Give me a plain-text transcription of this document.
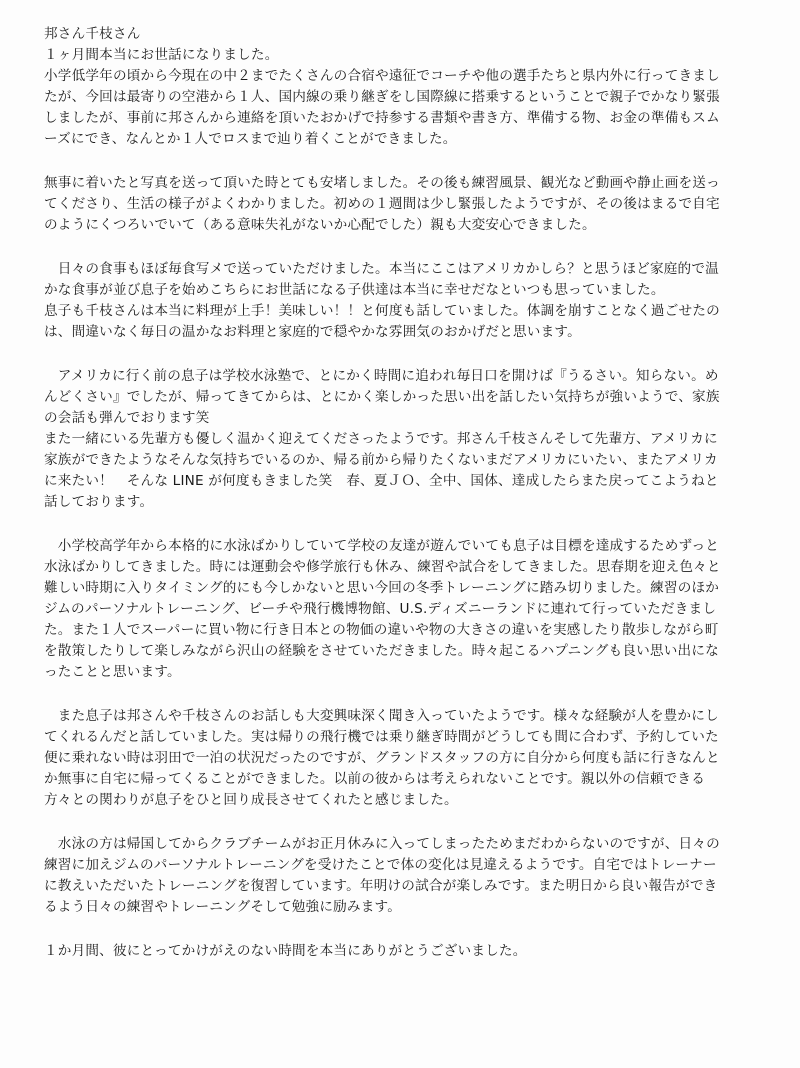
邦さん千枝さん
１ヶ月間本当にお世話になりました。
小学低学年の頃から今現在の中２までたくさんの合宿や遠征でコーチや他の選手たちと県内外に行ってきまし
たが、今回は最寄りの空港から１人、国内線の乗り継ぎをし国際線に搭乗するということで親子でかなり緊張
しましたが、事前に邦さんから連絡を頂いたおかげで持参する書類や書き方、準備する物、お金の準備もスム
ーズにでき、なんとか１人でロスまで辿り着くことができました。
無事に着いたと写真を送って頂いた時とても安堵しました。その後も練習風景、観光など動画や静止画を送っ
てくださり、生活の様子がよくわかりました。初めの１週間は少し緊張したようですが、その後はまるで自宅
のようにくつろいでいて（ある意味失礼がないか心配でした）親も大変安心できました。
　日々の食事もほぼ毎食写メで送っていただけました。本当にここはアメリカかしら？と思うほど家庭的で温
かな食事が並び息子を始めこちらにお世話になる子供達は本当に幸せだなといつも思っていました。
息子も千枝さんは本当に料理が上手！美味しい！！と何度も話していました。体調を崩すことなく過ごせたの
は、間違いなく毎日の温かなお料理と家庭的で穏やかな雰囲気のおかげだと思います。
　アメリカに行く前の息子は学校水泳塾で、とにかく時間に追われ毎日口を開けば『うるさい。知らない。め
んどくさい』でしたが、帰ってきてからは、とにかく楽しかった思い出を話したい気持ちが強いようで、家族
の会話も弾んでおります笑
また一緒にいる先輩方も優しく温かく迎えてくださったようです。邦さん千枝さんそして先輩方、アメリカに
家族ができたようなそんな気持ちでいるのか、帰る前から帰りたくないまだアメリカにいたい、またアメリカ
に来たい！　そんな LINE が何度もきました笑　春、夏ＪＯ、全中、国体、達成したらまた戻ってこようねと
話しております。
　小学校高学年から本格的に水泳ばかりしていて学校の友達が遊んでいても息子は目標を達成するためずっと
水泳ばかりしてきました。時には運動会や修学旅行も休み、練習や試合をしてきました。思春期を迎え色々と
難しい時期に入りタイミング的にも今しかないと思い今回の冬季トレーニングに踏み切りました。練習のほか
ジムのパーソナルトレーニング、ビーチや飛行機博物館、U.S.ディズニーランドに連れて行っていただきまし
た。また１人でスーパーに買い物に行き日本との物価の違いや物の大きさの違いを実感したり散歩しながら町
を散策したりして楽しみながら沢山の経験をさせていただきました。時々起こるハプニングも良い思い出にな
ったことと思います。
　また息子は邦さんや千枝さんのお話しも大変興味深く聞き入っていたようです。様々な経験が人を豊かにし
てくれるんだと話していました。実は帰りの飛行機では乗り継ぎ時間がどうしても間に合わず、予約していた
便に乗れない時は羽田で一泊の状況だったのですが、グランドスタッフの方に自分から何度も話に行きなんと
か無事に自宅に帰ってくることができました。以前の彼からは考えられないことです。親以外の信頼できる
方々との関わりが息子をひと回り成長させてくれたと感じました。
　水泳の方は帰国してからクラブチームがお正月休みに入ってしまったためまだわからないのですが、日々の
練習に加えジムのパーソナルトレーニングを受けたことで体の変化は見違えるようです。自宅ではトレーナー
に教えいただいたトレーニングを復習しています。年明けの試合が楽しみです。また明日から良い報告ができ
るよう日々の練習やトレーニングそして勉強に励みます。
１か月間、彼にとってかけがえのない時間を本当にありがとうございました。
